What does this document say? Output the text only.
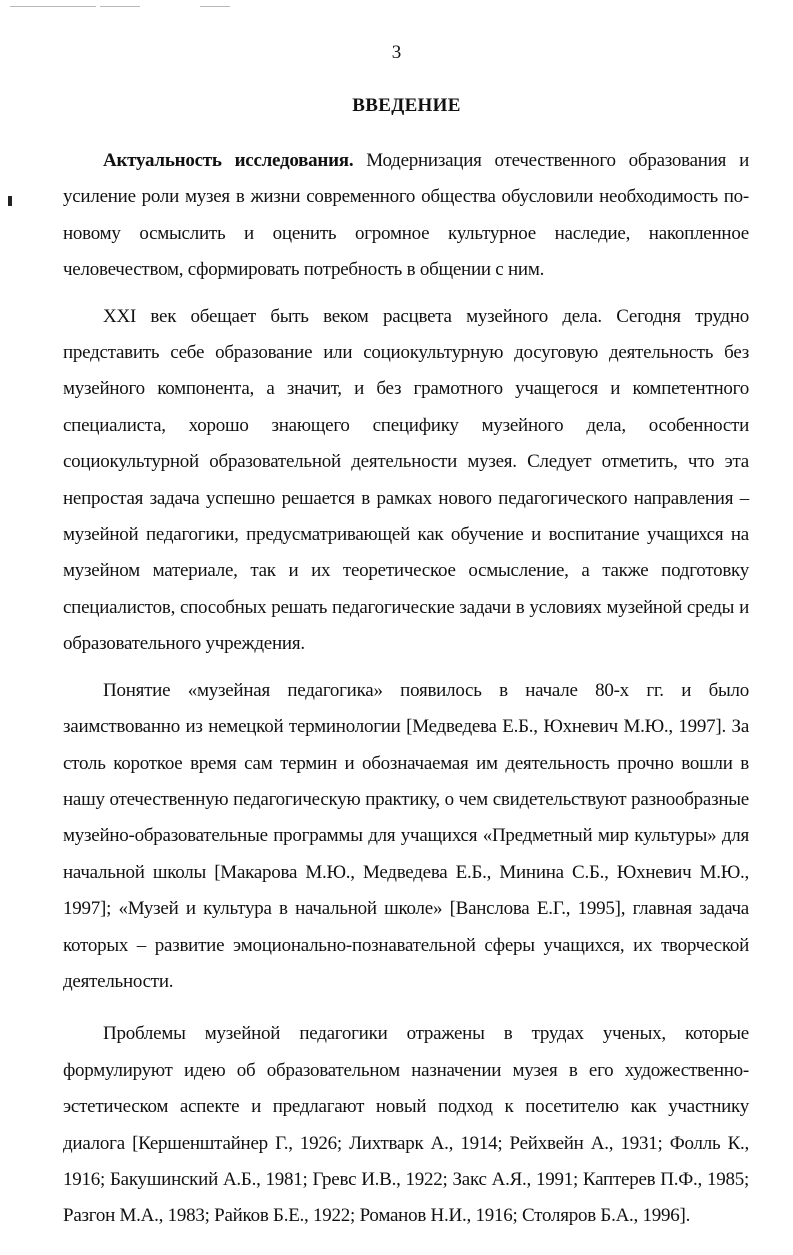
3
ВВЕДЕНИЕ

Актуальность исследования. Модернизация отечественного образования и усиление роли музея в жизни современного общества обусловили необходимость по-новому осмыслить и оценить огромное культурное наследие, накопленное человечеством, сформировать потребность в общении с ним.

XXI век обещает быть веком расцвета музейного дела. Сегодня трудно представить себе образование или социокультурную досуговую деятельность без музейного компонента, а значит, и без грамотного учащегося и компетентного специалиста, хорошо знающего специфику музейного дела, особенности социокультурной образовательной деятельности музея. Следует отметить, что эта непростая задача успешно решается в рамках нового педагогического направления – музейной педагогики, предусматривающей как обучение и воспитание учащихся на музейном материале, так и их теоретическое осмысление, а также подготовку специалистов, способных решать педагогические задачи в условиях музейной среды и образовательного учреждения.

Понятие «музейная педагогика» появилось в начале 80-х гг. и было заимствованно из немецкой терминологии [Медведева Е.Б., Юхневич М.Ю., 1997]. За столь короткое время сам термин и обозначаемая им деятельность прочно вошли в нашу отечественную педагогическую практику, о чем свидетельствуют разнообразные музейно-образовательные программы для учащихся «Предметный мир культуры» для начальной школы [Макарова М.Ю., Медведева Е.Б., Минина С.Б., Юхневич М.Ю., 1997]; «Музей и культура в начальной школе» [Ванслова Е.Г., 1995], главная задача которых – развитие эмоционально-познавательной сферы учащихся, их творческой деятельности.

Проблемы музейной педагогики отражены в трудах ученых, которые формулируют идею об образовательном назначении музея в его художественно-эстетическом аспекте и предлагают новый подход к посетителю как участнику диалога [Кершенштайнер Г., 1926; Лихтварк А., 1914; Рейхвейн А., 1931; Фолль К., 1916; Бакушинский А.Б., 1981; Гревс И.В., 1922; Закс А.Я., 1991; Каптерев П.Ф., 1985; Разгон М.А., 1983; Райков Б.Е., 1922; Романов Н.И., 1916; Столяров Б.А., 1996].
